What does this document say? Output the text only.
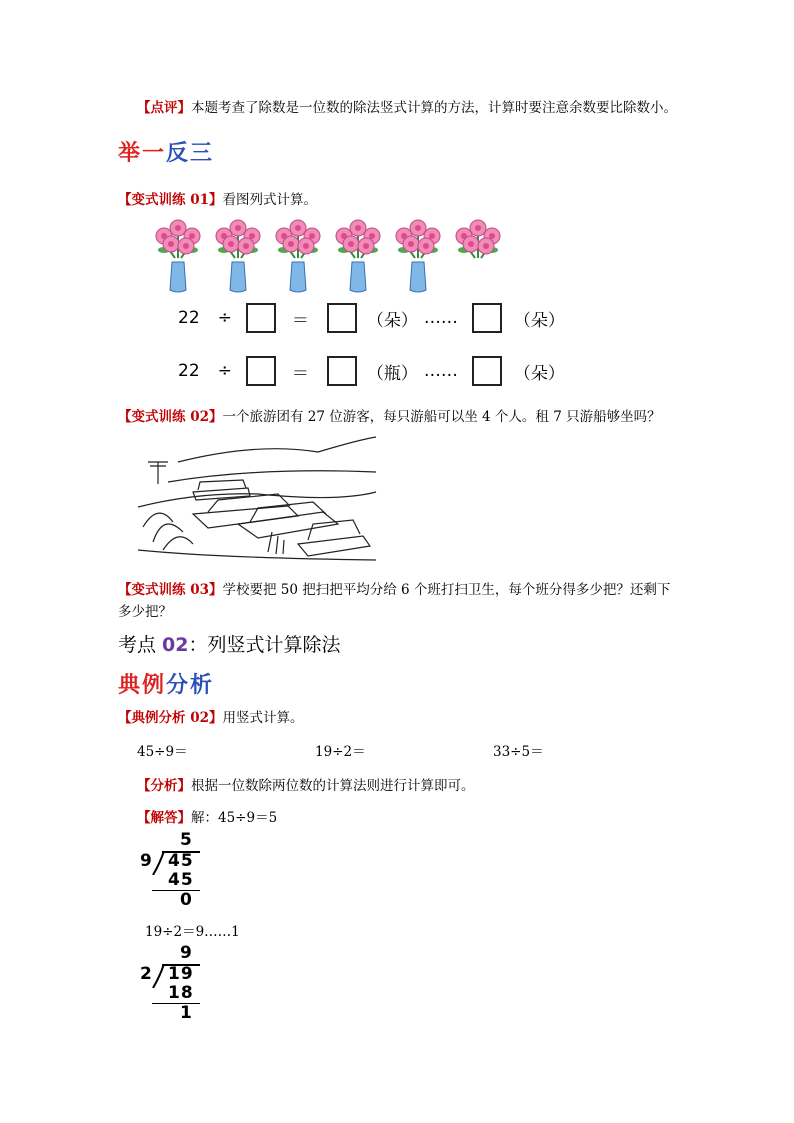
【点评】本题考查了除数是一位数的除法竖式计算的方法，计算时要注意余数要比除数小。
举一反三
【变式训练 01】看图列式计算。
22 ÷	＝	（朵） ……	（朵）
22 ÷	＝	（瓶） ……	（朵）
【变式训练 02】一个旅游团有 27 位游客，每只游船可以坐 4 个人。租 7 只游船够坐吗？
【变式训练 03】学校要把 50 把扫把平均分给 6 个班打扫卫生，每个班分得多少把？还剩下
多少把？
考点 02：列竖式计算除法
典例分析
【典例分析 02】用竖式计算。
45÷9＝	19÷2＝	33÷5＝
【分析】根据一位数除两位数的计算法则进行计算即可。
【解答】解：45÷9＝5
5
9 45
45
0
19÷2＝9……1
9
2 19
18
1
